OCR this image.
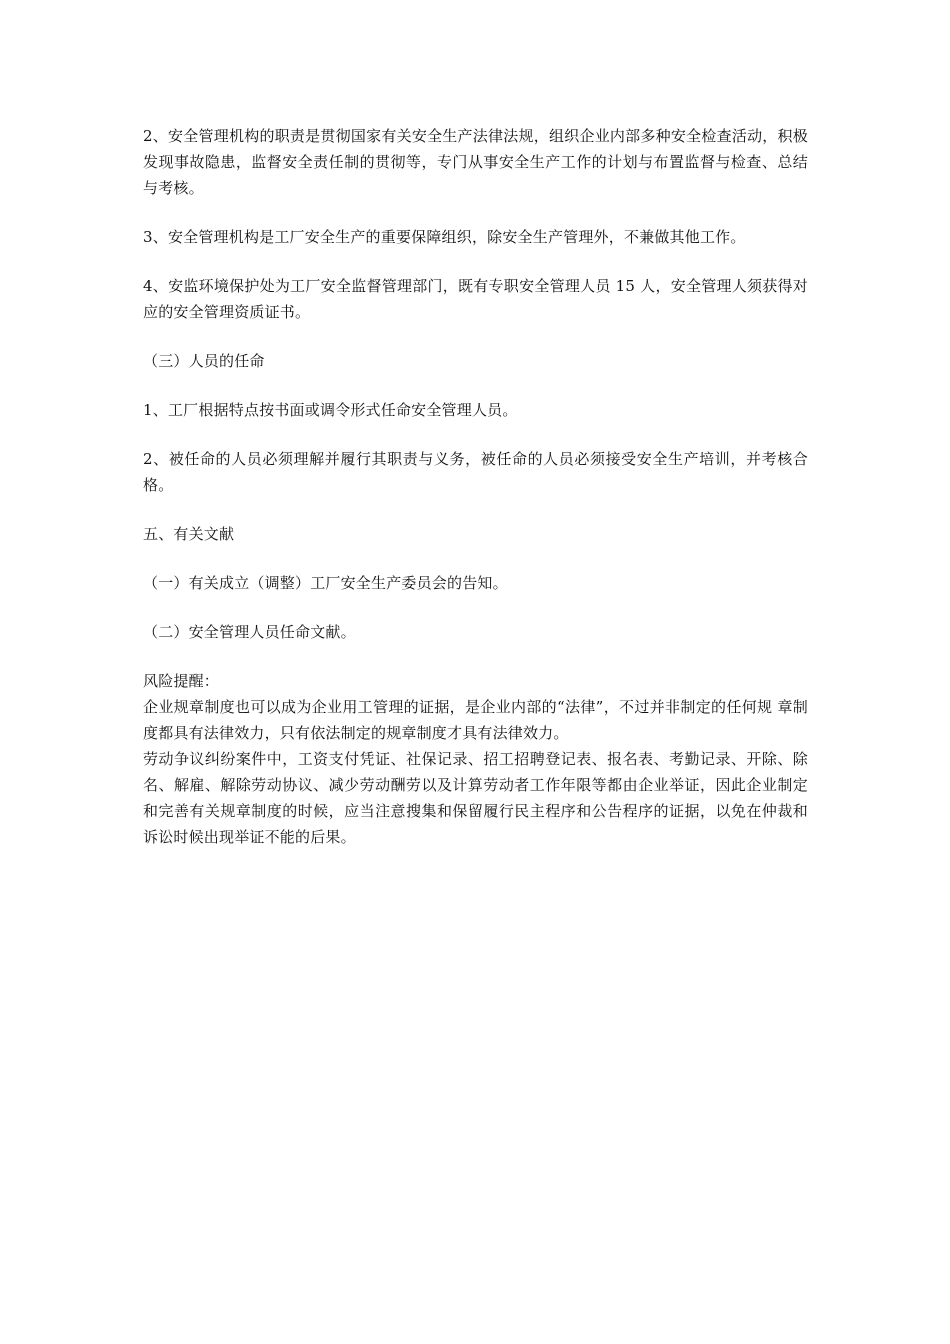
2、安全管理机构的职责是贯彻国家有关安全生产法律法规，组织企业内部多种安全检查活动，积极发现事故隐患，监督安全责任制的贯彻等，专门从事安全生产工作的计划与布置监督与检查、总结与考核。

3、安全管理机构是工厂安全生产的重要保障组织，除安全生产管理外，不兼做其他工作。

4、安监环境保护处为工厂安全监督管理部门，既有专职安全管理人员 15 人，安全管理人须获得对应的安全管理资质证书。

（三）人员的任命

1、工厂根据特点按书面或调令形式任命安全管理人员。

2、被任命的人员必须理解并履行其职责与义务，被任命的人员必须接受安全生产培训，并考核合格。

五、有关文献

（一）有关成立（调整）工厂安全生产委员会的告知。

（二）安全管理人员任命文献。

风险提醒：
企业规章制度也可以成为企业用工管理的证据，是企业内部的“法律”，不过并非制定的任何规 章制度都具有法律效力，只有依法制定的规章制度才具有法律效力。
劳动争议纠纷案件中，工资支付凭证、社保记录、招工招聘登记表、报名表、考勤记录、开除、除名、解雇、解除劳动协议、减少劳动酬劳以及计算劳动者工作年限等都由企业举证，因此企业制定和完善有关规章制度的时候，应当注意搜集和保留履行民主程序和公告程序的证据，以免在仲裁和诉讼时候出现举证不能的后果。
